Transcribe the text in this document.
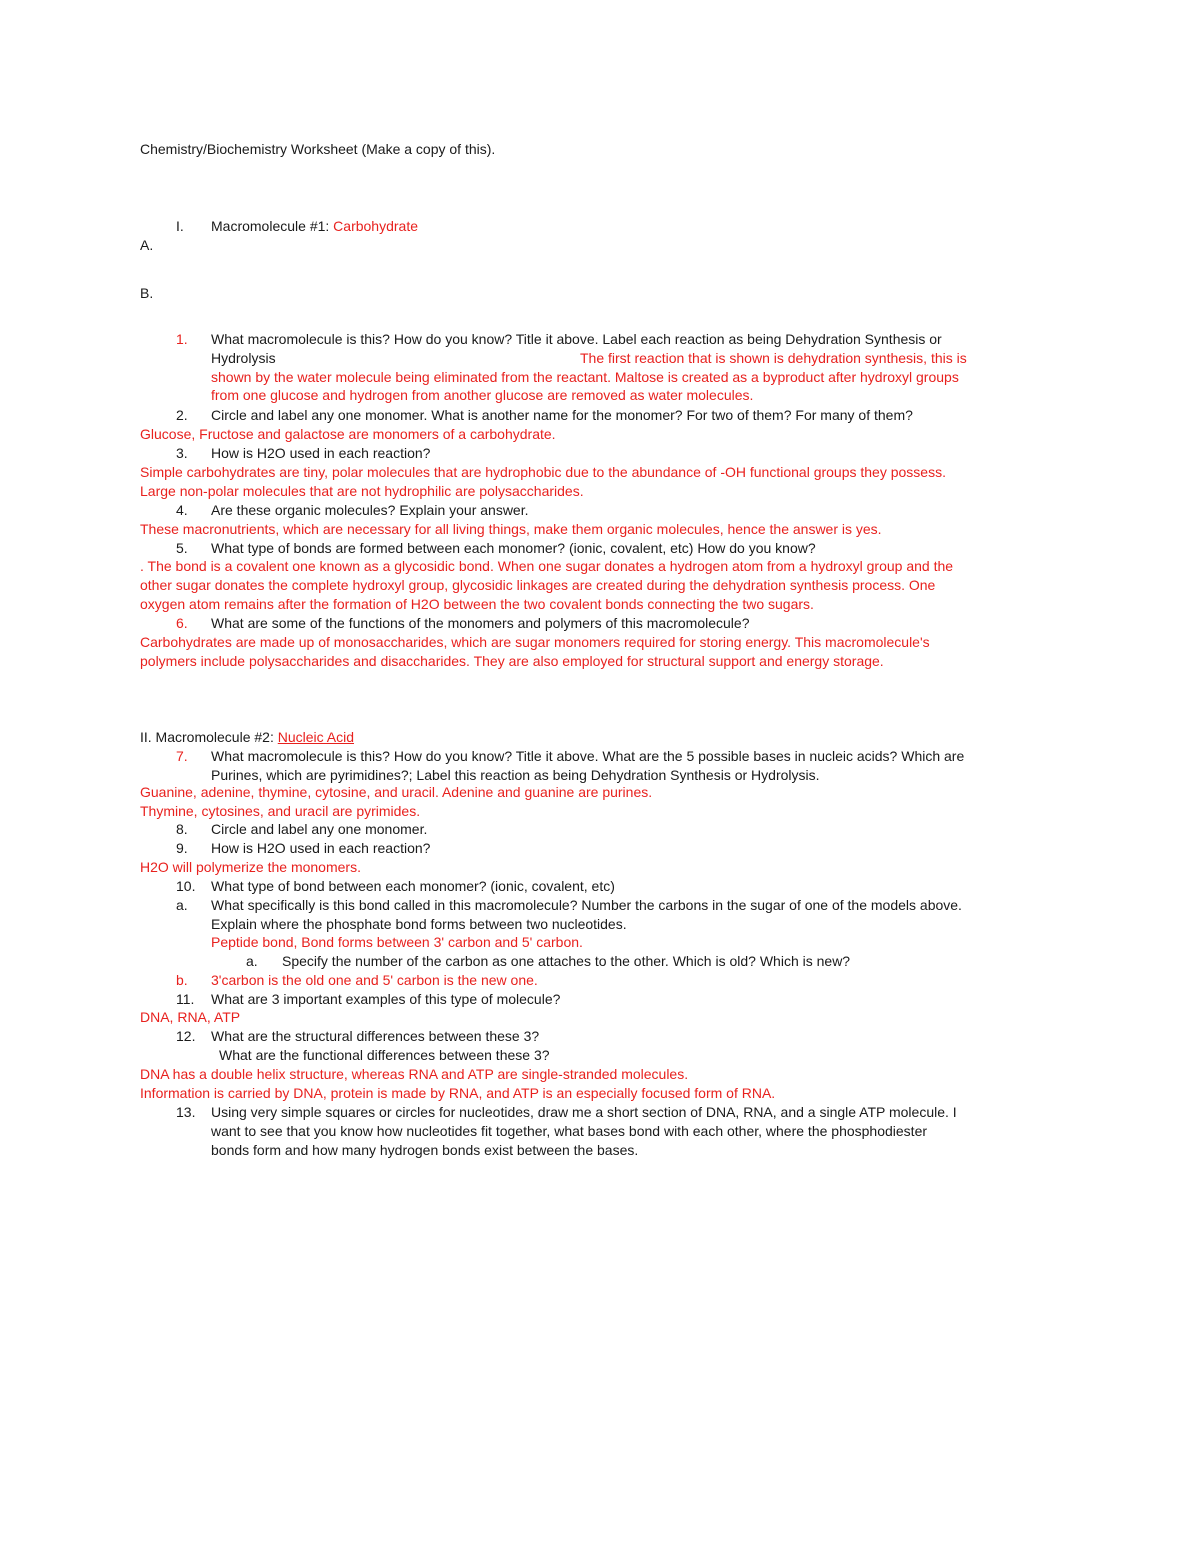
Chemistry/Biochemistry Worksheet (Make a copy of this).
I. Macromolecule #1: Carbohydrate
A.
B.
1. What macromolecule is this? How do you know? Title it above. Label each reaction as being Dehydration Synthesis or
Hydrolysis	The first reaction that is shown is dehydration synthesis, this is
shown by the water molecule being eliminated from the reactant. Maltose is created as a byproduct after hydroxyl groups
from one glucose and hydrogen from another glucose are removed as water molecules.
2. Circle and label any one monomer. What is another name for the monomer? For two of them? For many of them?
Glucose, Fructose and galactose are monomers of a carbohydrate.
3. How is H2O used in each reaction?
Simple carbohydrates are tiny, polar molecules that are hydrophobic due to the abundance of -OH functional groups they possess.
Large non-polar molecules that are not hydrophilic are polysaccharides.
4. Are these organic molecules? Explain your answer.
These macronutrients, which are necessary for all living things, make them organic molecules, hence the answer is yes.
5. What type of bonds are formed between each monomer? (ionic, covalent, etc) How do you know?
. The bond is a covalent one known as a glycosidic bond. When one sugar donates a hydrogen atom from a hydroxyl group and the
other sugar donates the complete hydroxyl group, glycosidic linkages are created during the dehydration synthesis process. One
oxygen atom remains after the formation of H2O between the two covalent bonds connecting the two sugars.
6. What are some of the functions of the monomers and polymers of this macromolecule?
Carbohydrates are made up of monosaccharides, which are sugar monomers required for storing energy. This macromolecule's
polymers include polysaccharides and disaccharides. They are also employed for structural support and energy storage.
II. Macromolecule #2: Nucleic Acid
7. What macromolecule is this? How do you know? Title it above. What are the 5 possible bases in nucleic acids? Which are
Purines, which are pyrimidines?; Label this reaction as being Dehydration Synthesis or Hydrolysis.
Guanine, adenine, thymine, cytosine, and uracil. Adenine and guanine are purines.
Thymine, cytosines, and uracil are pyrimides.
8. Circle and label any one monomer.
9. How is H2O used in each reaction?
H2O will polymerize the monomers.
10. What type of bond between each monomer? (ionic, covalent, etc)
a. What specifically is this bond called in this macromolecule? Number the carbons in the sugar of one of the models above.
Explain where the phosphate bond forms between two nucleotides.
Peptide bond, Bond forms between 3' carbon and 5' carbon.
a. Specify the number of the carbon as one attaches to the other. Which is old? Which is new?
b. 3'carbon is the old one and 5' carbon is the new one.
11. What are 3 important examples of this type of molecule?
DNA, RNA, ATP
12. What are the structural differences between these 3?
What are the functional differences between these 3?
DNA has a double helix structure, whereas RNA and ATP are single-stranded molecules.
Information is carried by DNA, protein is made by RNA, and ATP is an especially focused form of RNA.
13. Using very simple squares or circles for nucleotides, draw me a short section of DNA, RNA, and a single ATP molecule. I
want to see that you know how nucleotides fit together, what bases bond with each other, where the phosphodiester
bonds form and how many hydrogen bonds exist between the bases.
